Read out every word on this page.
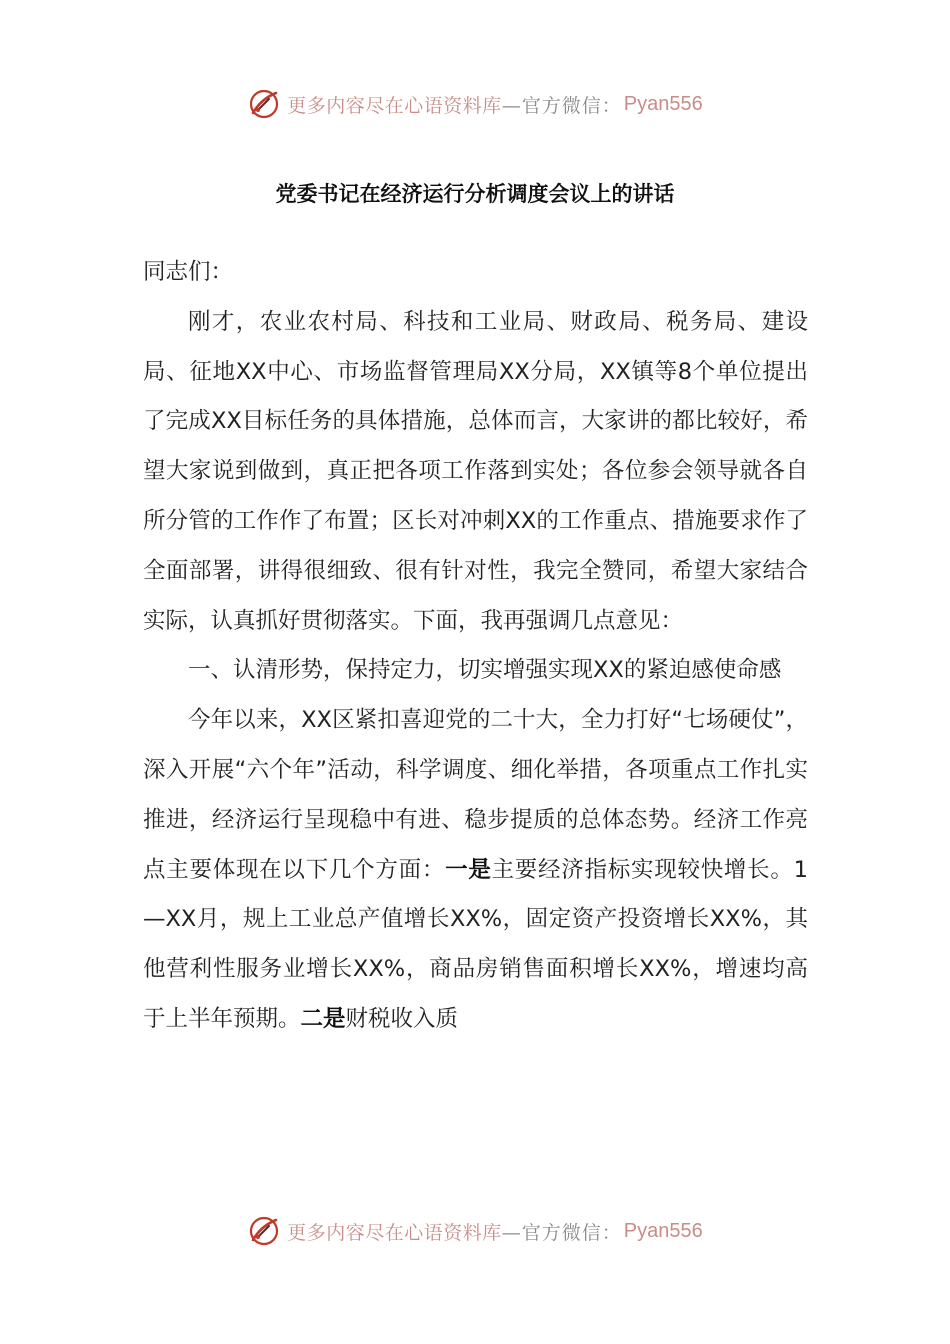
更多内容尽在心语资料库 —官方微信： Pyan556
党委书记在经济运行分析调度会议上的讲话

同志们：

刚才，农业农村局、科技和工业局、财政局、税务局、建设局、征地XX中心、市场监督管理局XX分局，XX镇等8个单位提出了完成XX目标任务的具体措施，总体而言，大家讲的都比较好，希望大家说到做到，真正把各项工作落到实处；各位参会领导就各自所分管的工作作了布置；区长对冲刺XX的工作重点、措施要求作了全面部署，讲得很细致、很有针对性，我完全赞同，希望大家结合实际，认真抓好贯彻落实。下面，我再强调几点意见：

一、认清形势，保持定力，切实增强实现XX的紧迫感使命感

今年以来，XX区紧扣喜迎党的二十大，全力打好“七场硬仗”，深入开展“六个年”活动，科学调度、细化举措，各项重点工作扎实推进，经济运行呈现稳中有进、稳步提质的总体态势。经济工作亮点主要体现在以下几个方面：一是主要经济指标实现较快增长。1—XX月，规上工业总产值增长XX%，固定资产投资增长XX%，其他营利性服务业增长XX%，商品房销售面积增长XX%，增速均高于上半年预期。二是财税收入质

更多内容尽在心语资料库 —官方微信： Pyan556
